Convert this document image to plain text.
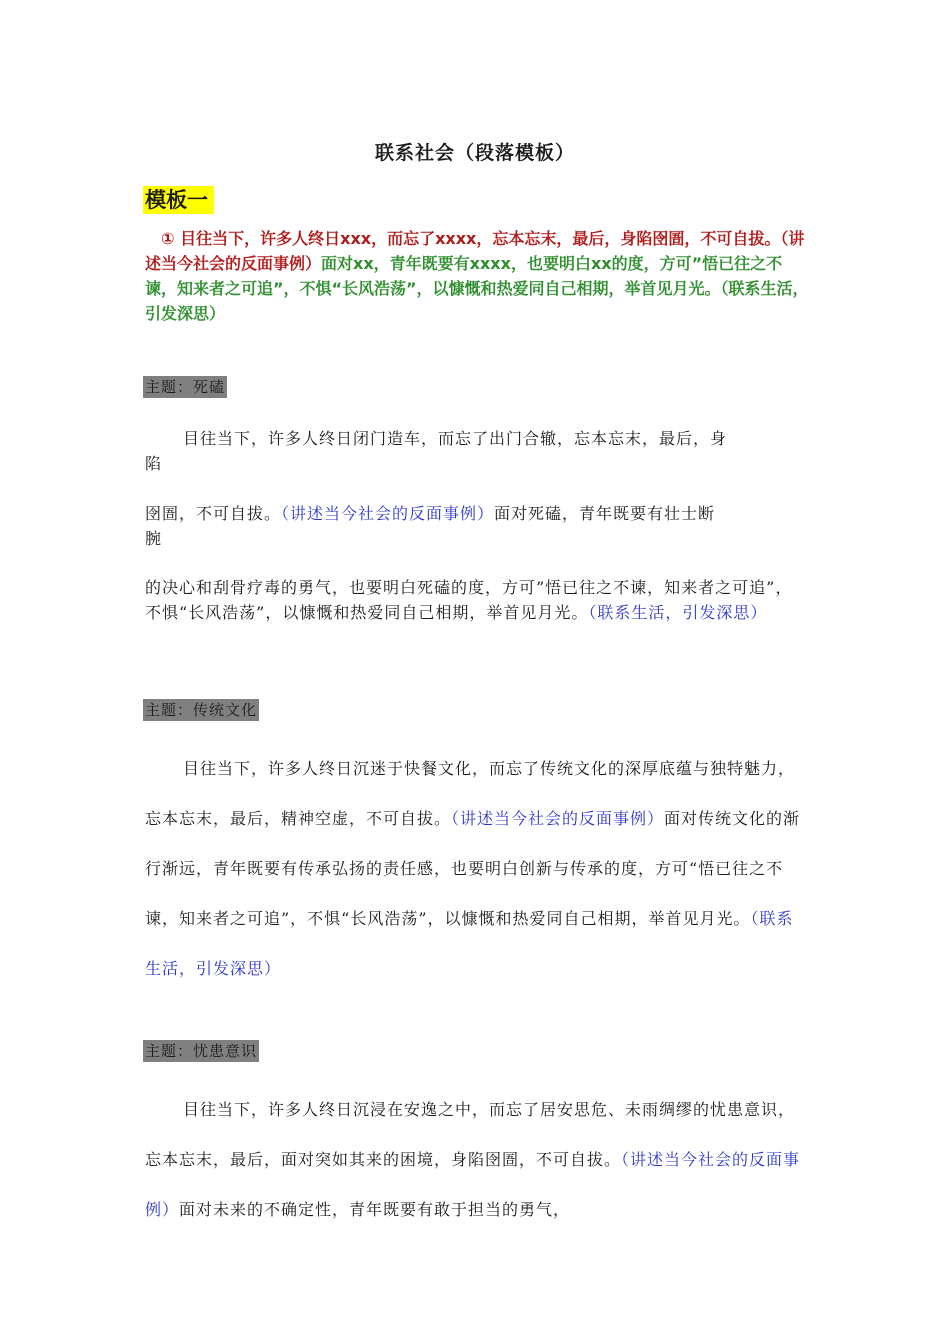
联系社会（段落模板）
模板一
① 目往当下，许多人终日xxx，而忘了xxxx，忘本忘末，最后，身陷囹圄，不可自拔。（讲述当今社会的反面事例）面对xx，青年既要有xxxx，也要明白xx的度，方可”悟已往之不谏，知来者之可追”，不惧“长风浩荡”，以慷慨和热爱同自己相期，举首见月光。（联系生活，引发深思）
主题：死磕

目往当下，许多人终日闭门造车，而忘了出门合辙，忘本忘末，最后，身

陷
囹圄，不可自拔。（讲述当今社会的反面事例）面对死磕，青年既要有壮士断
腕
的决心和刮骨疗毒的勇气，也要明白死磕的度，方可”悟已往之不谏，知来者之可追”，不惧“长风浩荡”，以慷慨和热爱同自己相期，举首见月光。（联系生活，引发深思）
主题：传统文化
目往当下，许多人终日沉迷于快餐文化，而忘了传统文化的深厚底蕴与独特魅力，忘本忘末，最后，精神空虚，不可自拔。（讲述当今社会的反面事例）面对传统文化的渐行渐远，青年既要有传承弘扬的责任感，也要明白创新与传承的度，方可“悟已往之不谏，知来者之可追”，不惧“长风浩荡”，以慷慨和热爱同自己相期，举首见月光。（联系生活，引发深思）
主题：忧患意识
目往当下，许多人终日沉浸在安逸之中，而忘了居安思危、未雨绸缪的忧患意识，忘本忘末，最后，面对突如其来的困境，身陷囹圄，不可自拔。（讲述当今社会的反面事例）面对未来的不确定性，青年既要有敢于担当的勇气，
